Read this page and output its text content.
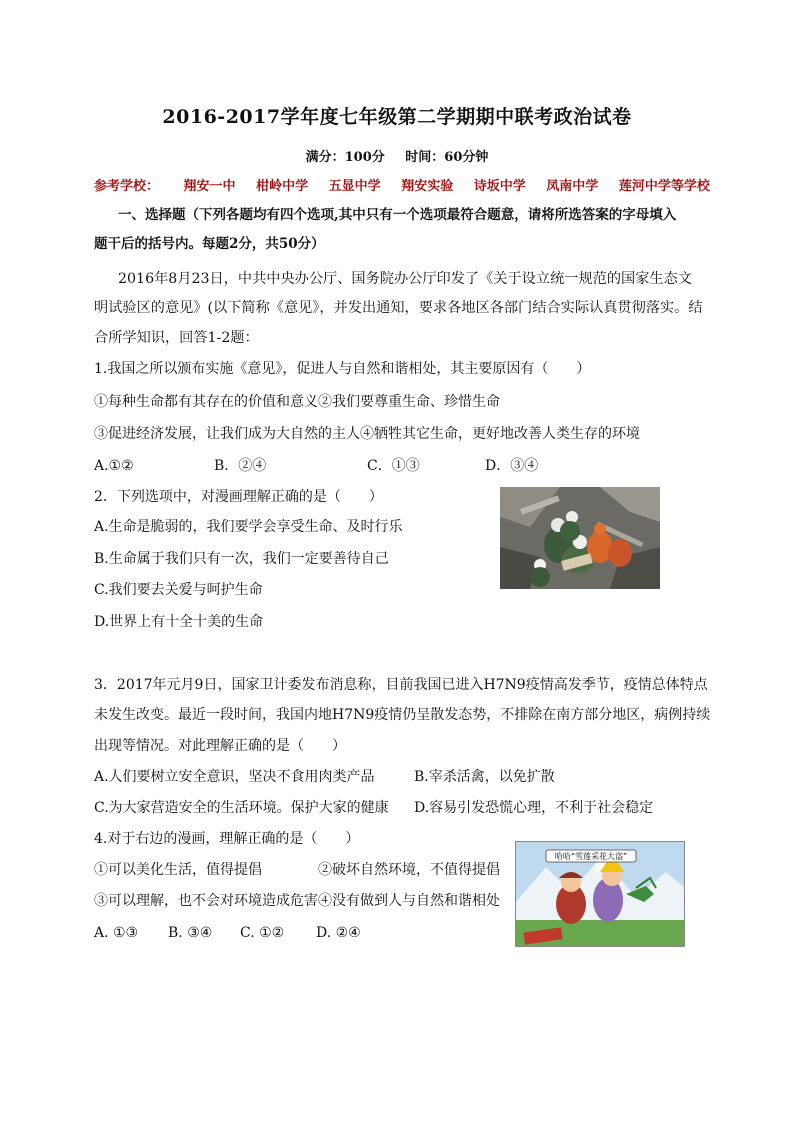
2016-2017学年度七年级第二学期期中联考政治试卷
满分：100分 时间：60分钟
参考学校： 翔安一中 柑岭中学 五显中学 翔安实验 诗坂中学 凤南中学 莲河中学等学校
一、选择题（下列各题均有四个选项,其中只有一个选项最符合题意，请将所选答案的字母填入
题干后的括号内。每题2分，共50分）
2016年8月23日，中共中央办公厅、国务院办公厅印发了《关于设立统一规范的国家生态文
明试验区的意见》(以下简称《意见》，并发出通知，要求各地区各部门结合实际认真贯彻落实。结
合所学知识，回答1-2题：
1.我国之所以颁布实施《意见》，促进人与自然和谐相处，其主要原因有（　　）
①每种生命都有其存在的价值和意义②我们要尊重生命、珍惜生命
③促进经济发展，让我们成为大自然的主人④牺牲其它生命，更好地改善人类生存的环境
A.①②	B．②④	C．①③	D．③④
2．下列选项中，对漫画理解正确的是（　　）
A.生命是脆弱的，我们要学会享受生命、及时行乐
B.生命属于我们只有一次，我们一定要善待自己
C.我们要去关爱与呵护生命
D.世界上有十全十美的生命
3．2017年元月9日，国家卫计委发布消息称，目前我国已进入H7N9疫情高发季节，疫情总体特点
未发生改变。最近一段时间，我国内地H7N9疫情仍呈散发态势，不排除在南方部分地区，病例持续
出现等情况。对此理解正确的是（　　）
A.人们要树立安全意识，坚决不食用肉类产品	B.宰杀活禽，以免扩散
C.为大家营造安全的生活环境。保护大家的健康 D.容易引发恐慌心理，不利于社会稳定
4.对于右边的漫画，理解正确的是（　　）
①可以美化生活，值得提倡	②破坏自然环境，不值得提倡
③可以理解，也不会对环境造成危害④没有做到人与自然和谐相处
A. ①③ B. ③④ C. ①② D. ②④
哈哈“雪莲采花大盗”
